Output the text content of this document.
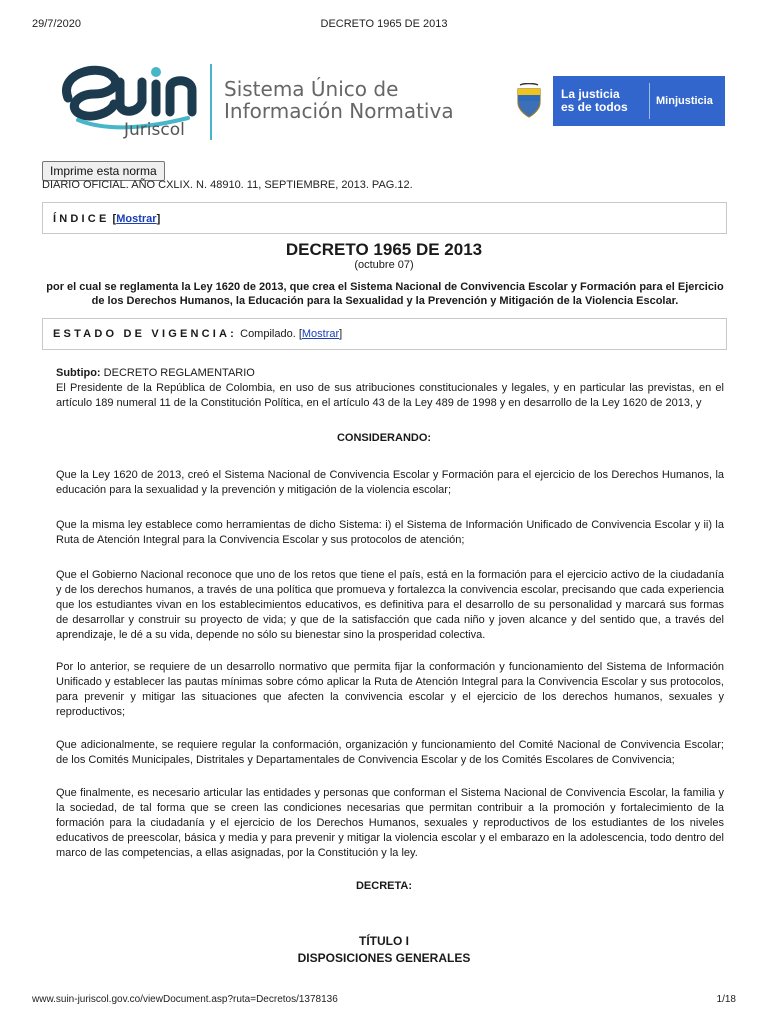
29/7/2020	DECRETO 1965 DE 2013
Juriscol
Sistema Único de
Información Normativa
La justicia
es de todos	Minjusticia
Imprime esta norma
DIARIO OFICIAL. AÑO CXLIX. N. 48910. 11, SEPTIEMBRE, 2013. PAG.12.
ÍNDICE [Mostrar]
DECRETO 1965 DE 2013
(octubre 07)
por el cual se reglamenta la Ley 1620 de 2013, que crea el Sistema Nacional de Convivencia Escolar y Formación para el Ejercicio de los Derechos Humanos, la Educación para la Sexualidad y la Prevención y Mitigación de la Violencia Escolar.
ESTADO DE VIGENCIA: Compilado. [Mostrar]
Subtipo: DECRETO REGLAMENTARIO
El Presidente de la República de Colombia, en uso de sus atribuciones constitucionales y legales, y en particular las previstas, en el artículo 189 numeral 11 de la Constitución Política, en el artículo 43 de la Ley 489 de 1998 y en desarrollo de la Ley 1620 de 2013, y
CONSIDERANDO:
Que la Ley 1620 de 2013, creó el Sistema Nacional de Convivencia Escolar y Formación para el ejercicio de los Derechos Humanos, la educación para la sexualidad y la prevención y mitigación de la violencia escolar;
Que la misma ley establece como herramientas de dicho Sistema: i) el Sistema de Información Unificado de Convivencia Escolar y ii) la Ruta de Atención Integral para la Convivencia Escolar y sus protocolos de atención;
Que el Gobierno Nacional reconoce que uno de los retos que tiene el país, está en la formación para el ejercicio activo de la ciudadanía y de los derechos humanos, a través de una política que promueva y fortalezca la convivencia escolar, precisando que cada experiencia que los estudiantes vivan en los establecimientos educativos, es definitiva para el desarrollo de su personalidad y marcará sus formas de desarrollar y construir su proyecto de vida; y que de la satisfacción que cada niño y joven alcance y del sentido que, a través del aprendizaje, le dé a su vida, depende no sólo su bienestar sino la prosperidad colectiva.
Por lo anterior, se requiere de un desarrollo normativo que permita fijar la conformación y funcionamiento del Sistema de Información Unificado y establecer las pautas mínimas sobre cómo aplicar la Ruta de Atención Integral para la Convivencia Escolar y sus protocolos, para prevenir y mitigar las situaciones que afecten la convivencia escolar y el ejercicio de los derechos humanos, sexuales y reproductivos;
Que adicionalmente, se requiere regular la conformación, organización y funcionamiento del Comité Nacional de Convivencia Escolar; de los Comités Municipales, Distritales y Departamentales de Convivencia Escolar y de los Comités Escolares de Convivencia;
Que finalmente, es necesario articular las entidades y personas que conforman el Sistema Nacional de Convivencia Escolar, la familia y la sociedad, de tal forma que se creen las condiciones necesarias que permitan contribuir a la promoción y fortalecimiento de la formación para la ciudadanía y el ejercicio de los Derechos Humanos, sexuales y reproductivos de los estudiantes de los niveles educativos de preescolar, básica y media y para prevenir y mitigar la violencia escolar y el embarazo en la adolescencia, todo dentro del marco de las competencias, a ellas asignadas, por la Constitución y la ley.
DECRETA:
TÍTULO I
DISPOSICIONES GENERALES
www.suin-juriscol.gov.co/viewDocument.asp?ruta=Decretos/1378136	1/18
